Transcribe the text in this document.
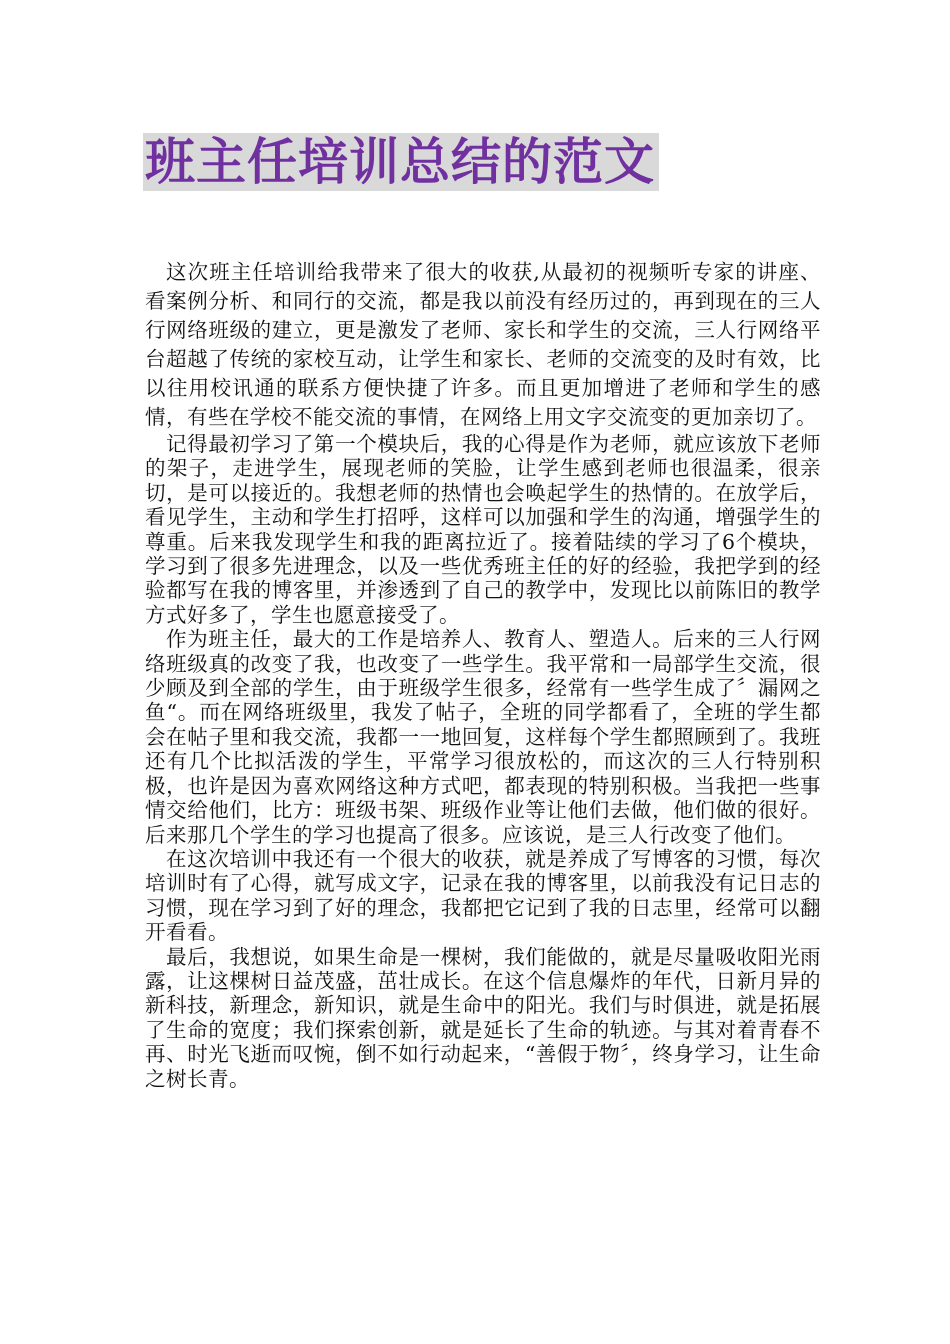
班主任培训总结的范文

这次班主任培训给我带来了很大的收获,从最初的视频听专家的讲座、看案例分析、和同行的交流，都是我以前没有经历过的，再到现在的三人行网络班级的建立，更是激发了老师、家长和学生的交流，三人行网络平台超越了传统的家校互动，让学生和家长、老师的交流变的及时有效，比以往用校讯通的联系方便快捷了许多。而且更加增进了老师和学生的感情，有些在学校不能交流的事情，在网络上用文字交流变的更加亲切了。

记得最初学习了第一个模块后，我的心得是作为老师，就应该放下老师的架子，走进学生，展现老师的笑脸，让学生感到老师也很温柔，很亲切，是可以接近的。我想老师的热情也会唤起学生的热情的。在放学后，看见学生，主动和学生打招呼，这样可以加强和学生的沟通，增强学生的尊重。后来我发现学生和我的距离拉近了。接着陆续的学习了6个模块，学习到了很多先进理念，以及一些优秀班主任的好的经验，我把学到的经验都写在我的博客里，并渗透到了自己的教学中，发现比以前陈旧的教学方式好多了，学生也愿意接受了。

作为班主任，最大的工作是培养人、教育人、塑造人。后来的三人行网络班级真的改变了我，也改变了一些学生。我平常和一局部学生交流，很少顾及到全部的学生，由于班级学生很多，经常有一些学生成了〞漏网之鱼“。而在网络班级里，我发了帖子，全班的同学都看了，全班的学生都会在帖子里和我交流，我都一一地回复，这样每个学生都照顾到了。我班还有几个比拟活泼的学生，平常学习很放松的，而这次的三人行特别积极，也许是因为喜欢网络这种方式吧，都表现的特别积极。当我把一些事情交给他们，比方：班级书架、班级作业等让他们去做，他们做的很好。后来那几个学生的学习也提高了很多。应该说，是三人行改变了他们。

在这次培训中我还有一个很大的收获，就是养成了写博客的习惯，每次培训时有了心得，就写成文字，记录在我的博客里，以前我没有记日志的习惯，现在学习到了好的理念，我都把它记到了我的日志里，经常可以翻开看看。

最后，我想说，如果生命是一棵树，我们能做的，就是尽量吸收阳光雨露，让这棵树日益茂盛，茁壮成长。在这个信息爆炸的年代，日新月异的新科技，新理念，新知识，就是生命中的阳光。我们与时俱进，就是拓展了生命的宽度；我们探索创新，就是延长了生命的轨迹。与其对着青春不再、时光飞逝而叹惋，倒不如行动起来，“善假于物〞，终身学习，让生命之树长青。
